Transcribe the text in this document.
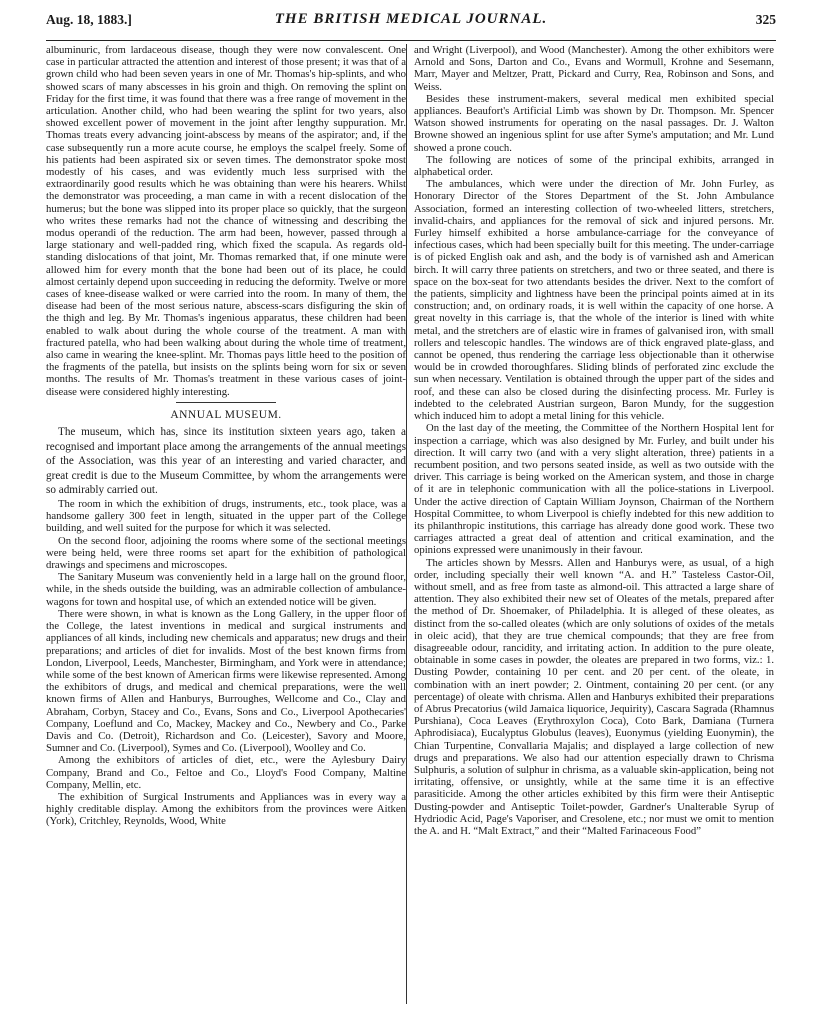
Aug. 18, 1883.]	THE BRITISH MEDICAL JOURNAL.	325

albuminuric, from lardaceous disease, though they were now convalescent. One case in particular attracted the attention and interest of those present; it was that of a grown child who had been seven years in one of Mr. Thomas's hip-splints, and who showed scars of many abscesses in his groin and thigh. On removing the splint on Friday for the first time, it was found that there was a free range of movement in the articulation. Another child, who had been wearing the splint for two years, also showed excellent power of movement in the joint after lengthy suppuration. Mr. Thomas treats every advancing joint-abscess by means of the aspirator; and, if the case subsequently run a more acute course, he employs the scalpel freely. Some of his patients had been aspirated six or seven times. The demonstrator spoke most modestly of his cases, and was evidently much less surprised with the extraordinarily good results which he was obtaining than were his hearers. Whilst the demonstrator was proceeding, a man came in with a recent dislocation of the humerus; but the bone was slipped into its proper place so quickly, that the surgeon who writes these remarks had not the chance of witnessing and describing the modus operandi of the reduction. The arm had been, however, passed through a large stationary and well-padded ring, which fixed the scapula. As regards old-standing dislocations of that joint, Mr. Thomas remarked that, if one minute were allowed him for every month that the bone had been out of its place, he could almost certainly depend upon succeeding in reducing the deformity. Twelve or more cases of knee-disease walked or were carried into the room. In many of them, the disease had been of the most serious nature, abscess-scars disfiguring the skin of the thigh and leg. By Mr. Thomas's ingenious apparatus, these children had been enabled to walk about during the whole course of the treatment. A man with fractured patella, who had been walking about during the whole time of treatment, also came in wearing the knee-splint. Mr. Thomas pays little heed to the position of the fragments of the patella, but insists on the splints being worn for six or seven months. The results of Mr. Thomas's treatment in these various cases of joint-disease were considered highly interesting.

ANNUAL MUSEUM.

The museum, which has, since its institution sixteen years ago, taken a recognised and important place among the arrangements of the annual meetings of the Association, was this year of an interesting and varied character, and great credit is due to the Museum Committee, by whom the arrangements were so admirably carried out.

The room in which the exhibition of drugs, instruments, etc., took place, was a handsome gallery 300 feet in length, situated in the upper part of the College building, and well suited for the purpose for which it was selected.

On the second floor, adjoining the rooms where some of the sectional meetings were being held, were three rooms set apart for the exhibition of pathological drawings and specimens and microscopes.

The Sanitary Museum was conveniently held in a large hall on the ground floor, while, in the sheds outside the building, was an admirable collection of ambulance-wagons for town and hospital use, of which an extended notice will be given.

There were shown, in what is known as the Long Gallery, in the upper floor of the College, the latest inventions in medical and surgical instruments and appliances of all kinds, including new chemicals and apparatus; new drugs and their preparations; and articles of diet for invalids. Most of the best known firms from London, Liverpool, Leeds, Manchester, Birmingham, and York were in attendance; while some of the best known of American firms were likewise represented. Among the exhibitors of drugs, and medical and chemical preparations, were the well known firms of Allen and Hanburys, Burroughes, Wellcome and Co., Clay and Abraham, Corbyn, Stacey and Co., Evans, Sons and Co., Liverpool Apothecaries' Company, Loeflund and Co, Mackey, Mackey and Co., Newbery and Co., Parke Davis and Co. (Detroit), Richardson and Co. (Leicester), Savory and Moore, Sumner and Co. (Liverpool), Symes and Co. (Liverpool), Woolley and Co.

Among the exhibitors of articles of diet, etc., were the Aylesbury Dairy Company, Brand and Co., Feltoe and Co., Lloyd's Food Company, Maltine Company, Mellin, etc.

The exhibition of Surgical Instruments and Appliances was in every way a highly creditable display. Among the exhibitors from the provinces were Aitken (York), Critchley, Reynolds, Wood, White

and Wright (Liverpool), and Wood (Manchester). Among the other exhibitors were Arnold and Sons, Darton and Co., Evans and Wormull, Krohne and Sesemann, Marr, Mayer and Meltzer, Pratt, Pickard and Curry, Rea, Robinson and Sons, and Weiss.

Besides these instrument-makers, several medical men exhibited special appliances. Beaufort's Artificial Limb was shown by Dr. Thompson. Mr. Spencer Watson showed instruments for operating on the nasal passages. Dr. J. Walton Browne showed an ingenious splint for use after Syme's amputation; and Mr. Lund showed a prone couch.

The following are notices of some of the principal exhibits, arranged in alphabetical order.

The ambulances, which were under the direction of Mr. John Furley, as Honorary Director of the Stores Department of the St. John Ambulance Association, formed an interesting collection of two-wheeled litters, stretchers, invalid-chairs, and appliances for the removal of sick and injured persons. Mr. Furley himself exhibited a horse ambulance-carriage for the conveyance of infectious cases, which had been specially built for this meeting. The under-carriage is of picked English oak and ash, and the body is of varnished ash and American birch. It will carry three patients on stretchers, and two or three seated, and there is space on the box-seat for two attendants besides the driver. Next to the comfort of the patients, simplicity and lightness have been the principal points aimed at in its construction; and, on ordinary roads, it is well within the capacity of one horse. A great novelty in this carriage is, that the whole of the interior is lined with white metal, and the stretchers are of elastic wire in frames of galvanised iron, with small rollers and telescopic handles. The windows are of thick engraved plate-glass, and cannot be opened, thus rendering the carriage less objectionable than it otherwise would be in crowded thoroughfares. Sliding blinds of perforated zinc exclude the sun when necessary. Ventilation is obtained through the upper part of the sides and roof, and these can also be closed during the disinfecting process. Mr. Furley is indebted to the celebrated Austrian surgeon, Baron Mundy, for the suggestion which induced him to adopt a metal lining for this vehicle.

On the last day of the meeting, the Committee of the Northern Hospital lent for inspection a carriage, which was also designed by Mr. Furley, and built under his direction. It will carry two (and with a very slight alteration, three) patients in a recumbent position, and two persons seated inside, as well as two outside with the driver. This carriage is being worked on the American system, and those in charge of it are in telephonic communication with all the police-stations in Liverpool. Under the active direction of Captain William Joynson, Chairman of the Northern Hospital Committee, to whom Liverpool is chiefly indebted for this new addition to its philanthropic institutions, this carriage has already done good work. These two carriages attracted a great deal of attention and critical examination, and the opinions expressed were unanimously in their favour.

The articles shown by Messrs. Allen and Hanburys were, as usual, of a high order, including specially their well known “A. and H.” Tasteless Castor-Oil, without smell, and as free from taste as almond-oil. This attracted a large share of attention. They also exhibited their new set of Oleates of the metals, prepared after the method of Dr. Shoemaker, of Philadelphia. It is alleged of these oleates, as distinct from the so-called oleates (which are only solutions of oxides of the metals in oleic acid), that they are true chemical compounds; that they are free from disagreeable odour, rancidity, and irritating action. In addition to the pure oleate, obtainable in some cases in powder, the oleates are prepared in two forms, viz.: 1. Dusting Powder, containing 10 per cent. and 20 per cent. of the oleate, in combination with an inert powder; 2. Ointment, containing 20 per cent. (or any percentage) of oleate with chrisma. Allen and Hanburys exhibited their preparations of Abrus Precatorius (wild Jamaica liquorice, Jequirity), Cascara Sagrada (Rhamnus Purshiana), Coca Leaves (Erythroxylon Coca), Coto Bark, Damiana (Turnera Aphrodisiaca), Eucalyptus Globulus (leaves), Euonymus (yielding Euonymin), the Chian Turpentine, Convallaria Majalis; and displayed a large collection of new drugs and preparations. We also had our attention especially drawn to Chrisma Sulphuris, a solution of sulphur in chrisma, as a valuable skin-application, being not irritating, offensive, or unsightly, while at the same time it is an effective parasiticide. Among the other articles exhibited by this firm were their Antiseptic Dusting-powder and Antiseptic Toilet-powder, Gardner's Unalterable Syrup of Hydriodic Acid, Page's Vaporiser, and Cresolene, etc.; nor must we omit to mention the A. and H. “Malt Extract,” and their “Malted Farinaceous Food”
